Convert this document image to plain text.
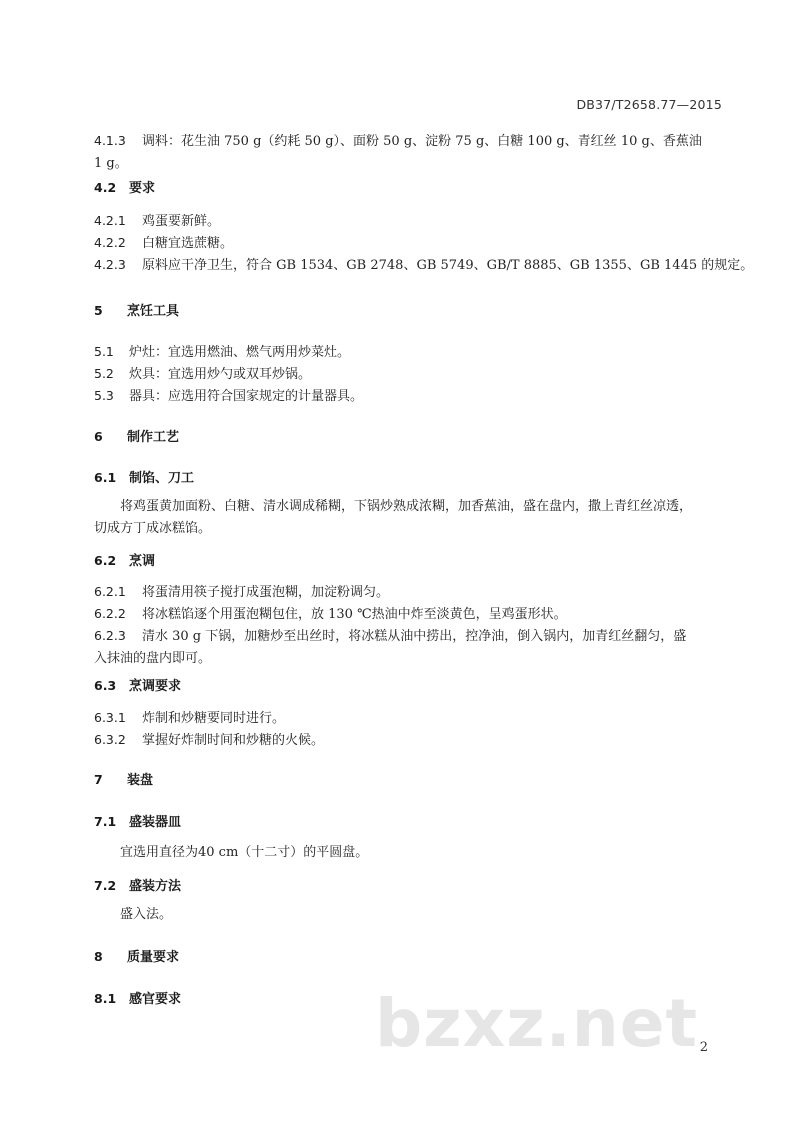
DB37/T2658.77—2015
4.1.3 调料：花生油 750 g（约耗 50 g）、面粉 50 g、淀粉 75 g、白糖 100 g、青红丝 10 g、香蕉油
1 g。
4.2 要求
4.2.1 鸡蛋要新鲜。
4.2.2 白糖宜选蔗糖。
4.2.3 原料应干净卫生，符合 GB 1534、GB 2748、GB 5749、GB/T 8885、GB 1355、GB 1445 的规定。
5 烹饪工具
5.1 炉灶：宜选用燃油、燃气两用炒菜灶。
5.2 炊具：宜选用炒勺或双耳炒锅。
5.3 器具：应选用符合国家规定的计量器具。
6 制作工艺
6.1 制馅、刀工
将鸡蛋黄加面粉、白糖、清水调成稀糊，下锅炒熟成浓糊，加香蕉油，盛在盘内，撒上青红丝凉透，
切成方丁成冰糕馅。
6.2 烹调
6.2.1 将蛋清用筷子搅打成蛋泡糊，加淀粉调匀。
6.2.2 将冰糕馅逐个用蛋泡糊包住，放 130 ℃热油中炸至淡黄色，呈鸡蛋形状。
6.2.3 清水 30 g 下锅，加糖炒至出丝时，将冰糕从油中捞出，控净油，倒入锅内，加青红丝翻匀，盛
入抹油的盘内即可。
6.3 烹调要求
6.3.1 炸制和炒糖要同时进行。
6.3.2 掌握好炸制时间和炒糖的火候。
7 装盘
7.1 盛装器皿
宜选用直径为40 cm（十二寸）的平圆盘。
7.2 盛装方法
盛入法。
8 质量要求
8.1 感官要求	bzxz.net 2
